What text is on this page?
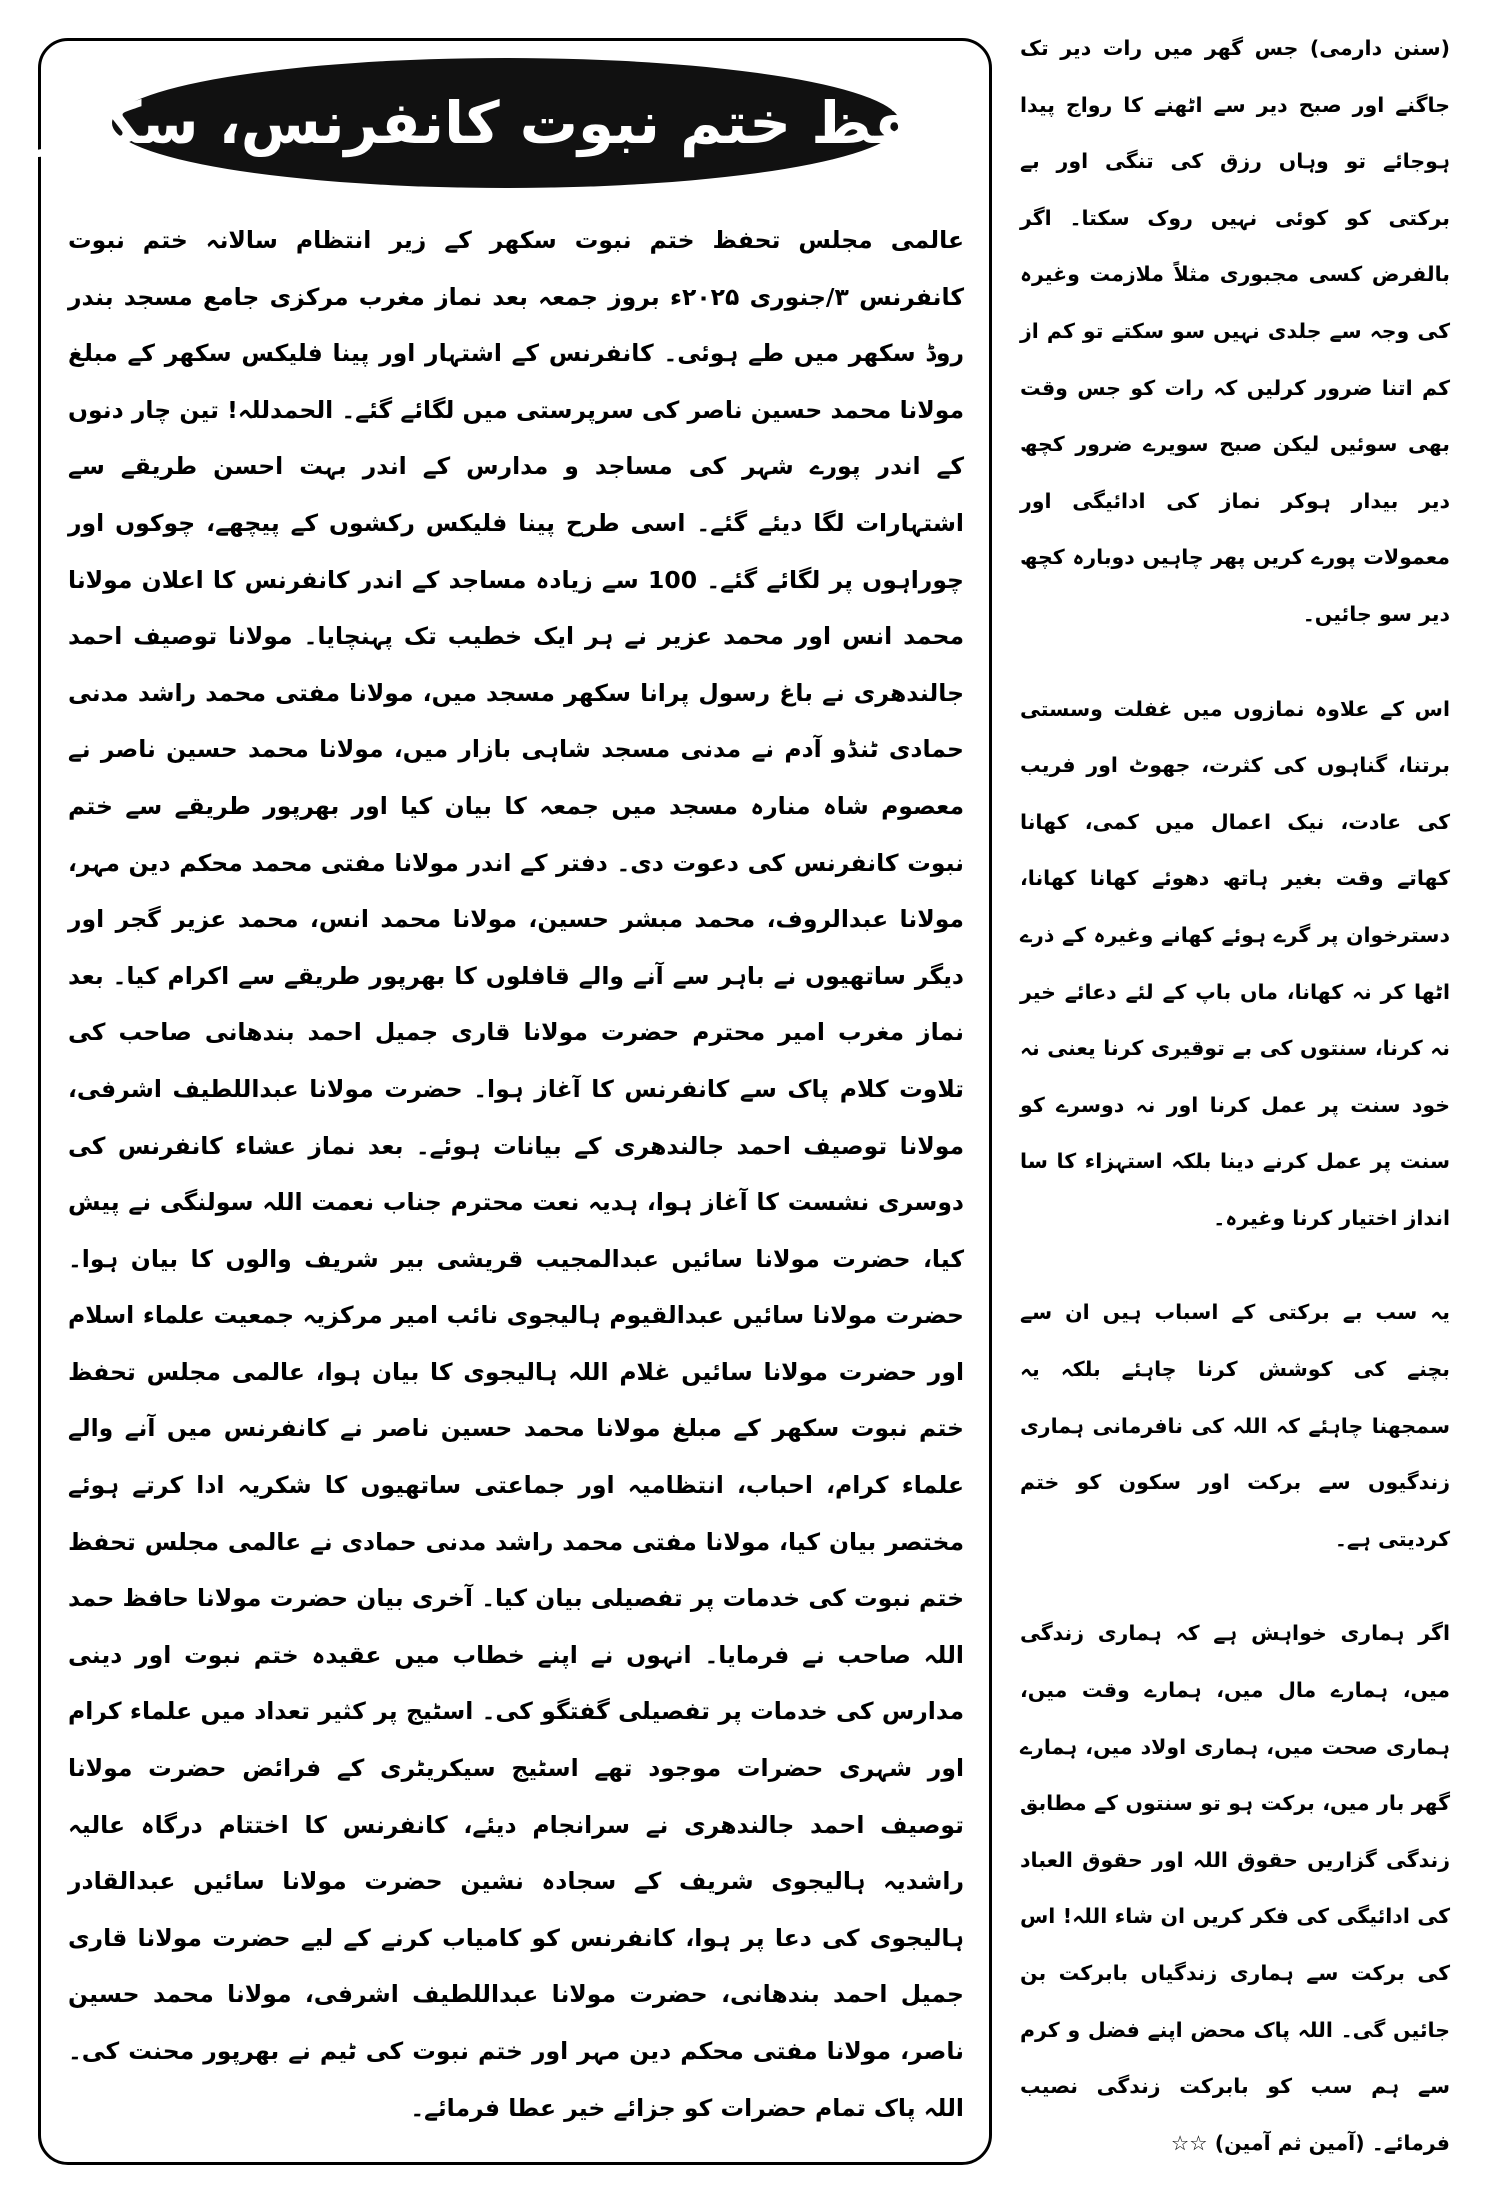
تحفظ ختم نبوت کانفرنس، سکھر

عالمی مجلس تحفظ ختم نبوت سکھر کے زیر انتظام سالانہ ختم نبوت کانفرنس ۳/جنوری ۲۰۲۵ء بروز جمعہ بعد نماز مغرب مرکزی جامع مسجد بندر روڈ سکھر میں طے ہوئی۔ کانفرنس کے اشتہار اور پینا فلیکس سکھر کے مبلغ مولانا محمد حسین ناصر کی سرپرستی میں لگائے گئے۔ الحمدللہ! تین چار دنوں کے اندر پورے شہر کی مساجد و مدارس کے اندر بہت احسن طریقے سے اشتہارات لگا دیئے گئے۔ اسی طرح پینا فلیکس رکشوں کے پیچھے، چوکوں اور چوراہوں پر لگائے گئے۔ 100 سے زیادہ مساجد کے اندر کانفرنس کا اعلان مولانا محمد انس اور محمد عزیر نے ہر ایک خطیب تک پہنچایا۔ مولانا توصیف احمد جالندھری نے باغ رسول پرانا سکھر مسجد میں، مولانا مفتی محمد راشد مدنی حمادی ٹنڈو آدم نے مدنی مسجد شاہی بازار میں، مولانا محمد حسین ناصر نے معصوم شاہ منارہ مسجد میں جمعہ کا بیان کیا اور بھرپور طریقے سے ختم نبوت کانفرنس کی دعوت دی۔ دفتر کے اندر مولانا مفتی محمد محکم دین مہر، مولانا عبدالروف، محمد مبشر حسین، مولانا محمد انس، محمد عزیر گجر اور دیگر ساتھیوں نے باہر سے آنے والے قافلوں کا بھرپور طریقے سے اکرام کیا۔ بعد نماز مغرب امیر محترم حضرت مولانا قاری جمیل احمد بندھانی صاحب کی تلاوت کلام پاک سے کانفرنس کا آغاز ہوا۔ حضرت مولانا عبداللطیف اشرفی، مولانا توصیف احمد جالندھری کے بیانات ہوئے۔ بعد نماز عشاء کانفرنس کی دوسری نشست کا آغاز ہوا، ہدیہ نعت محترم جناب نعمت اللہ سولنگی نے پیش کیا، حضرت مولانا سائیں عبدالمجیب قریشی بیر شریف والوں کا بیان ہوا۔ حضرت مولانا سائیں عبدالقیوم ہالیجوی نائب امیر مرکزیہ جمعیت علماء اسلام اور حضرت مولانا سائیں غلام اللہ ہالیجوی کا بیان ہوا، عالمی مجلس تحفظ ختم نبوت سکھر کے مبلغ مولانا محمد حسین ناصر نے کانفرنس میں آنے والے علماء کرام، احباب، انتظامیہ اور جماعتی ساتھیوں کا شکریہ ادا کرتے ہوئے مختصر بیان کیا، مولانا مفتی محمد راشد مدنی حمادی نے عالمی مجلس تحفظ ختم نبوت کی خدمات پر تفصیلی بیان کیا۔ آخری بیان حضرت مولانا حافظ حمد اللہ صاحب نے فرمایا۔ انہوں نے اپنے خطاب میں عقیدہ ختم نبوت اور دینی مدارس کی خدمات پر تفصیلی گفتگو کی۔ اسٹیج پر کثیر تعداد میں علماء کرام اور شہری حضرات موجود تھے اسٹیج سیکریٹری کے فرائض حضرت مولانا توصیف احمد جالندھری نے سرانجام دیئے، کانفرنس کا اختتام درگاہ عالیہ راشدیہ ہالیجوی شریف کے سجادہ نشین حضرت مولانا سائیں عبدالقادر ہالیجوی کی دعا پر ہوا، کانفرنس کو کامیاب کرنے کے لیے حضرت مولانا قاری جمیل احمد بندھانی، حضرت مولانا عبداللطیف اشرفی، مولانا محمد حسین ناصر، مولانا مفتی محکم دین مہر اور ختم نبوت کی ٹیم نے بھرپور محنت کی۔ اللہ پاک تمام حضرات کو جزائے خیر عطا فرمائے۔

(سنن دارمی) جس گھر میں رات دیر تک جاگنے اور صبح دیر سے اٹھنے کا رواج پیدا ہوجائے تو وہاں رزق کی تنگی اور بے برکتی کو کوئی نہیں روک سکتا۔ اگر بالفرض کسی مجبوری مثلاً ملازمت وغیرہ کی وجہ سے جلدی نہیں سو سکتے تو کم از کم اتنا ضرور کرلیں کہ رات کو جس وقت بھی سوئیں لیکن صبح سویرے ضرور کچھ دیر بیدار ہوکر نماز کی ادائیگی اور معمولات پورے کریں پھر چاہیں دوبارہ کچھ دیر سو جائیں۔

اس کے علاوہ نمازوں میں غفلت وسستی برتنا، گناہوں کی کثرت، جھوٹ اور فریب کی عادت، نیک اعمال میں کمی، کھانا کھاتے وقت بغیر ہاتھ دھوئے کھانا کھانا، دسترخوان پر گرے ہوئے کھانے وغیرہ کے ذرے اٹھا کر نہ کھانا، ماں باپ کے لئے دعائے خیر نہ کرنا، سنتوں کی بے توقیری کرنا یعنی نہ خود سنت پر عمل کرنا اور نہ دوسرے کو سنت پر عمل کرنے دینا بلکہ استہزاء کا سا انداز اختیار کرنا وغیرہ۔

یہ سب بے برکتی کے اسباب ہیں ان سے بچنے کی کوشش کرنا چاہئے بلکہ یہ سمجھنا چاہئے کہ اللہ کی نافرمانی ہماری زندگیوں سے برکت اور سکون کو ختم کردیتی ہے۔

اگر ہماری خواہش ہے کہ ہماری زندگی میں، ہمارے مال میں، ہمارے وقت میں، ہماری صحت میں، ہماری اولاد میں، ہمارے گھر بار میں، برکت ہو تو سنتوں کے مطابق زندگی گزاریں حقوق اللہ اور حقوق العباد کی ادائیگی کی فکر کریں ان شاء اللہ! اس کی برکت سے ہماری زندگیاں بابرکت بن جائیں گی۔ اللہ پاک محض اپنے فضل و کرم سے ہم سب کو بابرکت زندگی نصیب فرمائے۔ (آمین ثم آمین) ☆☆
